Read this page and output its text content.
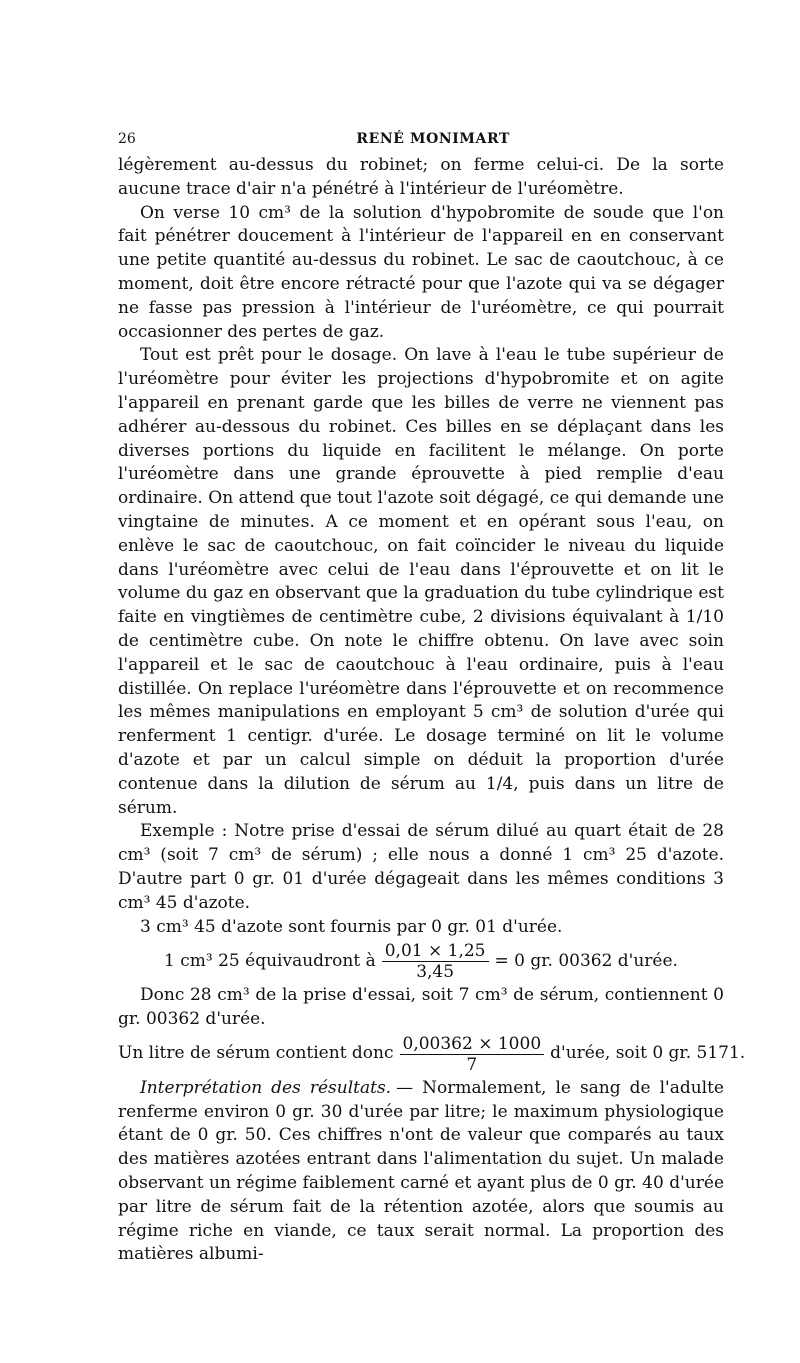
26	RENÉ MONIMART

légèrement au-dessus du robinet; on ferme celui-ci. De la sorte aucune trace d'air n'a pénétré à l'intérieur de l'uréomètre.

On verse 10 cm³ de la solution d'hypobromite de soude que l'on fait pénétrer doucement à l'intérieur de l'appareil en en conservant une petite quantité au-dessus du robinet. Le sac de caoutchouc, à ce moment, doit être encore rétracté pour que l'azote qui va se dégager ne fasse pas pression à l'intérieur de l'uréomètre, ce qui pourrait occasionner des pertes de gaz.

Tout est prêt pour le dosage. On lave à l'eau le tube supérieur de l'uréomètre pour éviter les projections d'hypobromite et on agite l'appareil en prenant garde que les billes de verre ne viennent pas adhérer au-dessous du robinet. Ces billes en se déplaçant dans les diverses portions du liquide en facilitent le mélange. On porte l'uréomètre dans une grande éprouvette à pied remplie d'eau ordinaire. On attend que tout l'azote soit dégagé, ce qui demande une vingtaine de minutes. A ce moment et en opérant sous l'eau, on enlève le sac de caoutchouc, on fait coïncider le niveau du liquide dans l'uréomètre avec celui de l'eau dans l'éprouvette et on lit le volume du gaz en observant que la graduation du tube cylindrique est faite en vingtièmes de centimètre cube, 2 divisions équivalant à 1/10 de centimètre cube. On note le chiffre obtenu. On lave avec soin l'appareil et le sac de caoutchouc à l'eau ordinaire, puis à l'eau distillée. On replace l'uréomètre dans l'éprouvette et on recommence les mêmes manipulations en employant 5 cm³ de solution d'urée qui renferment 1 centigr. d'urée. Le dosage terminé on lit le volume d'azote et par un calcul simple on déduit la proportion d'urée contenue dans la dilution de sérum au 1/4, puis dans un litre de sérum.

Exemple : Notre prise d'essai de sérum dilué au quart était de 28 cm³ (soit 7 cm³ de sérum) ; elle nous a donné 1 cm³ 25 d'azote. D'autre part 0 gr. 01 d'urée dégageait dans les mêmes conditions 3 cm³ 45 d'azote.

3 cm³ 45 d'azote sont fournis par 0 gr. 01 d'urée.

1 cm³ 25 équivaudront à $\frac{0,01 \times 1,25}{3,45} = 0$ gr. 00362 d'urée.

Donc 28 cm³ de la prise d'essai, soit 7 cm³ de sérum, contiennent 0 gr. 00362 d'urée.

Un litre de sérum contient donc $\frac{0,00362 \times 1000}{7}$ d'urée, soit 0 gr. 5171.

Interprétation des résultats. — Normalement, le sang de l'adulte renferme environ 0 gr. 30 d'urée par litre; le maximum physiologique étant de 0 gr. 50. Ces chiffres n'ont de valeur que comparés au taux des matières azotées entrant dans l'alimentation du sujet. Un malade observant un régime faiblement carné et ayant plus de 0 gr. 40 d'urée par litre de sérum fait de la rétention azotée, alors que soumis au régime riche en viande, ce taux serait normal. La proportion des matières albumi-
